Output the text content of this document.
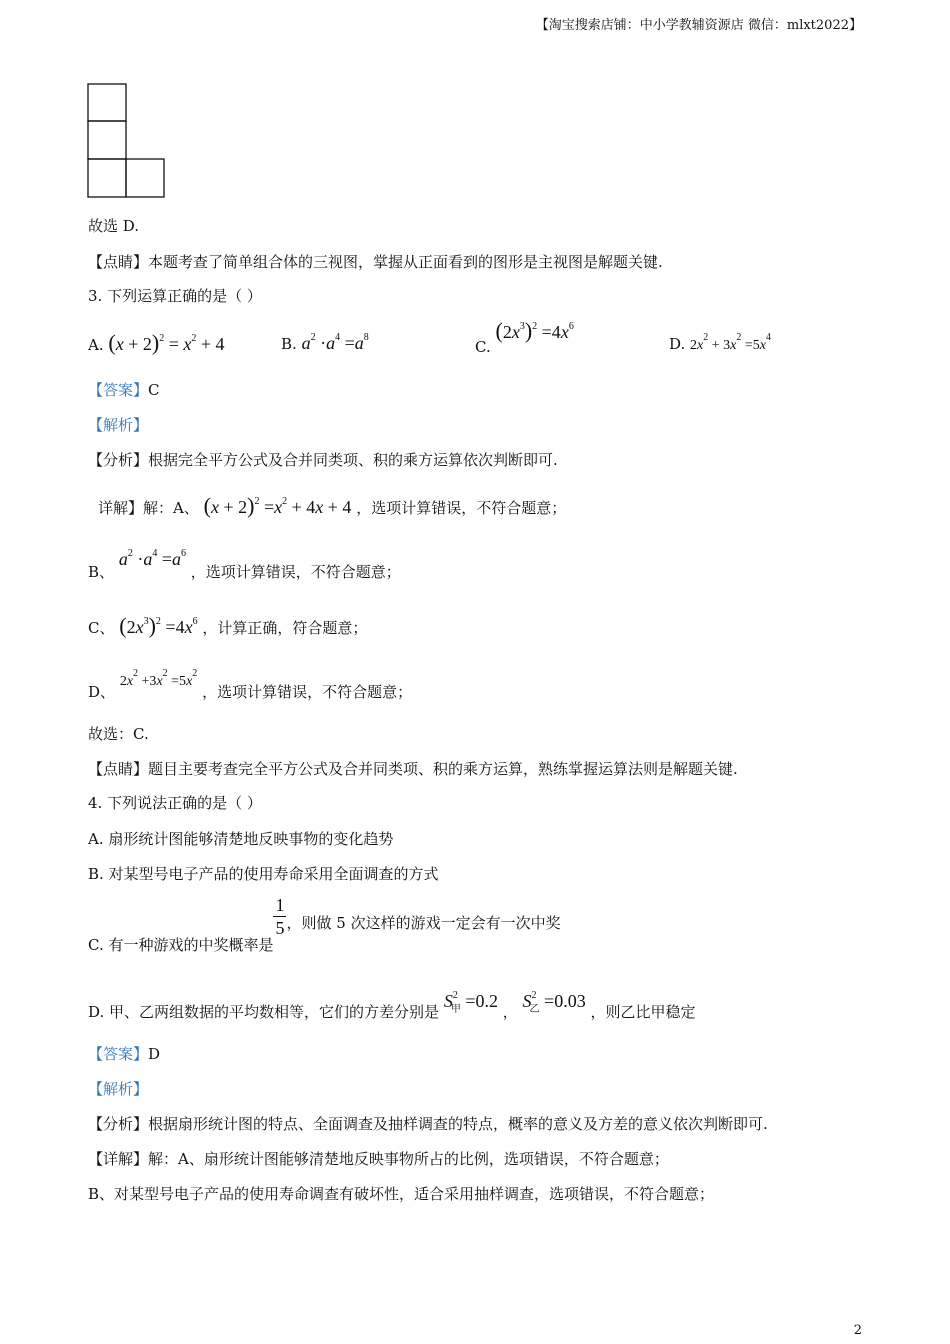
【淘宝搜索店铺：中小学教辅资源店 微信：mlxt2022】
故选 D.
【点睛】本题考查了简单组合体的三视图，掌握从正面看到的图形是主视图是解题关键.
3. 下列运算正确的是（ ）
A. $(x + 2)^2 = x^2 + 4$	B. $a^2 \cdot a^4 =a^8$
C. $(2x^3)^2 =4x^6$
D. $2x^2 + 3x^2 =5x^4$
【答案】C
【解析】
【分析】根据完全平方公式及合并同类项、积的乘方运算依次判断即可.
详解】解：A、 $(x + 2)^2 =x^2 + 4x + 4$ ，选项计算错误，不符合题意；
B、 $a^2 \cdot a^4 =a^6$ ，选项计算错误，不符合题意；
C、 $(2x^3)^2 =4x^6$ ，计算正确，符合题意；
D、 $2x^2 +3x^2 =5x^2$ ，选项计算错误，不符合题意；
故选：C.
【点睛】题目主要考查完全平方公式及合并同类项、积的乘方运算，熟练掌握运算法则是解题关键.
4. 下列说法正确的是（ ）
A. 扇形统计图能够清楚地反映事物的变化趋势
B. 对某型号电子产品的使用寿命采用全面调查的方式
C. 有一种游戏的中奖概率是
$\frac{1}{5}$ ，则做 5 次这样的游戏一定会有一次中奖
D. 甲、乙两组数据的平均数相等，它们的方差分别是 $S^2_甲 =0.2$ ， $S^2_乙 =0.03$ ，则乙比甲稳定
【答案】D
【解析】
【分析】根据扇形统计图的特点、全面调查及抽样调查的特点，概率的意义及方差的意义依次判断即可.
【详解】解：A、扇形统计图能够清楚地反映事物所占的比例，选项错误，不符合题意；
B、对某型号电子产品的使用寿命调查有破坏性，适合采用抽样调查，选项错误，不符合题意；
2
